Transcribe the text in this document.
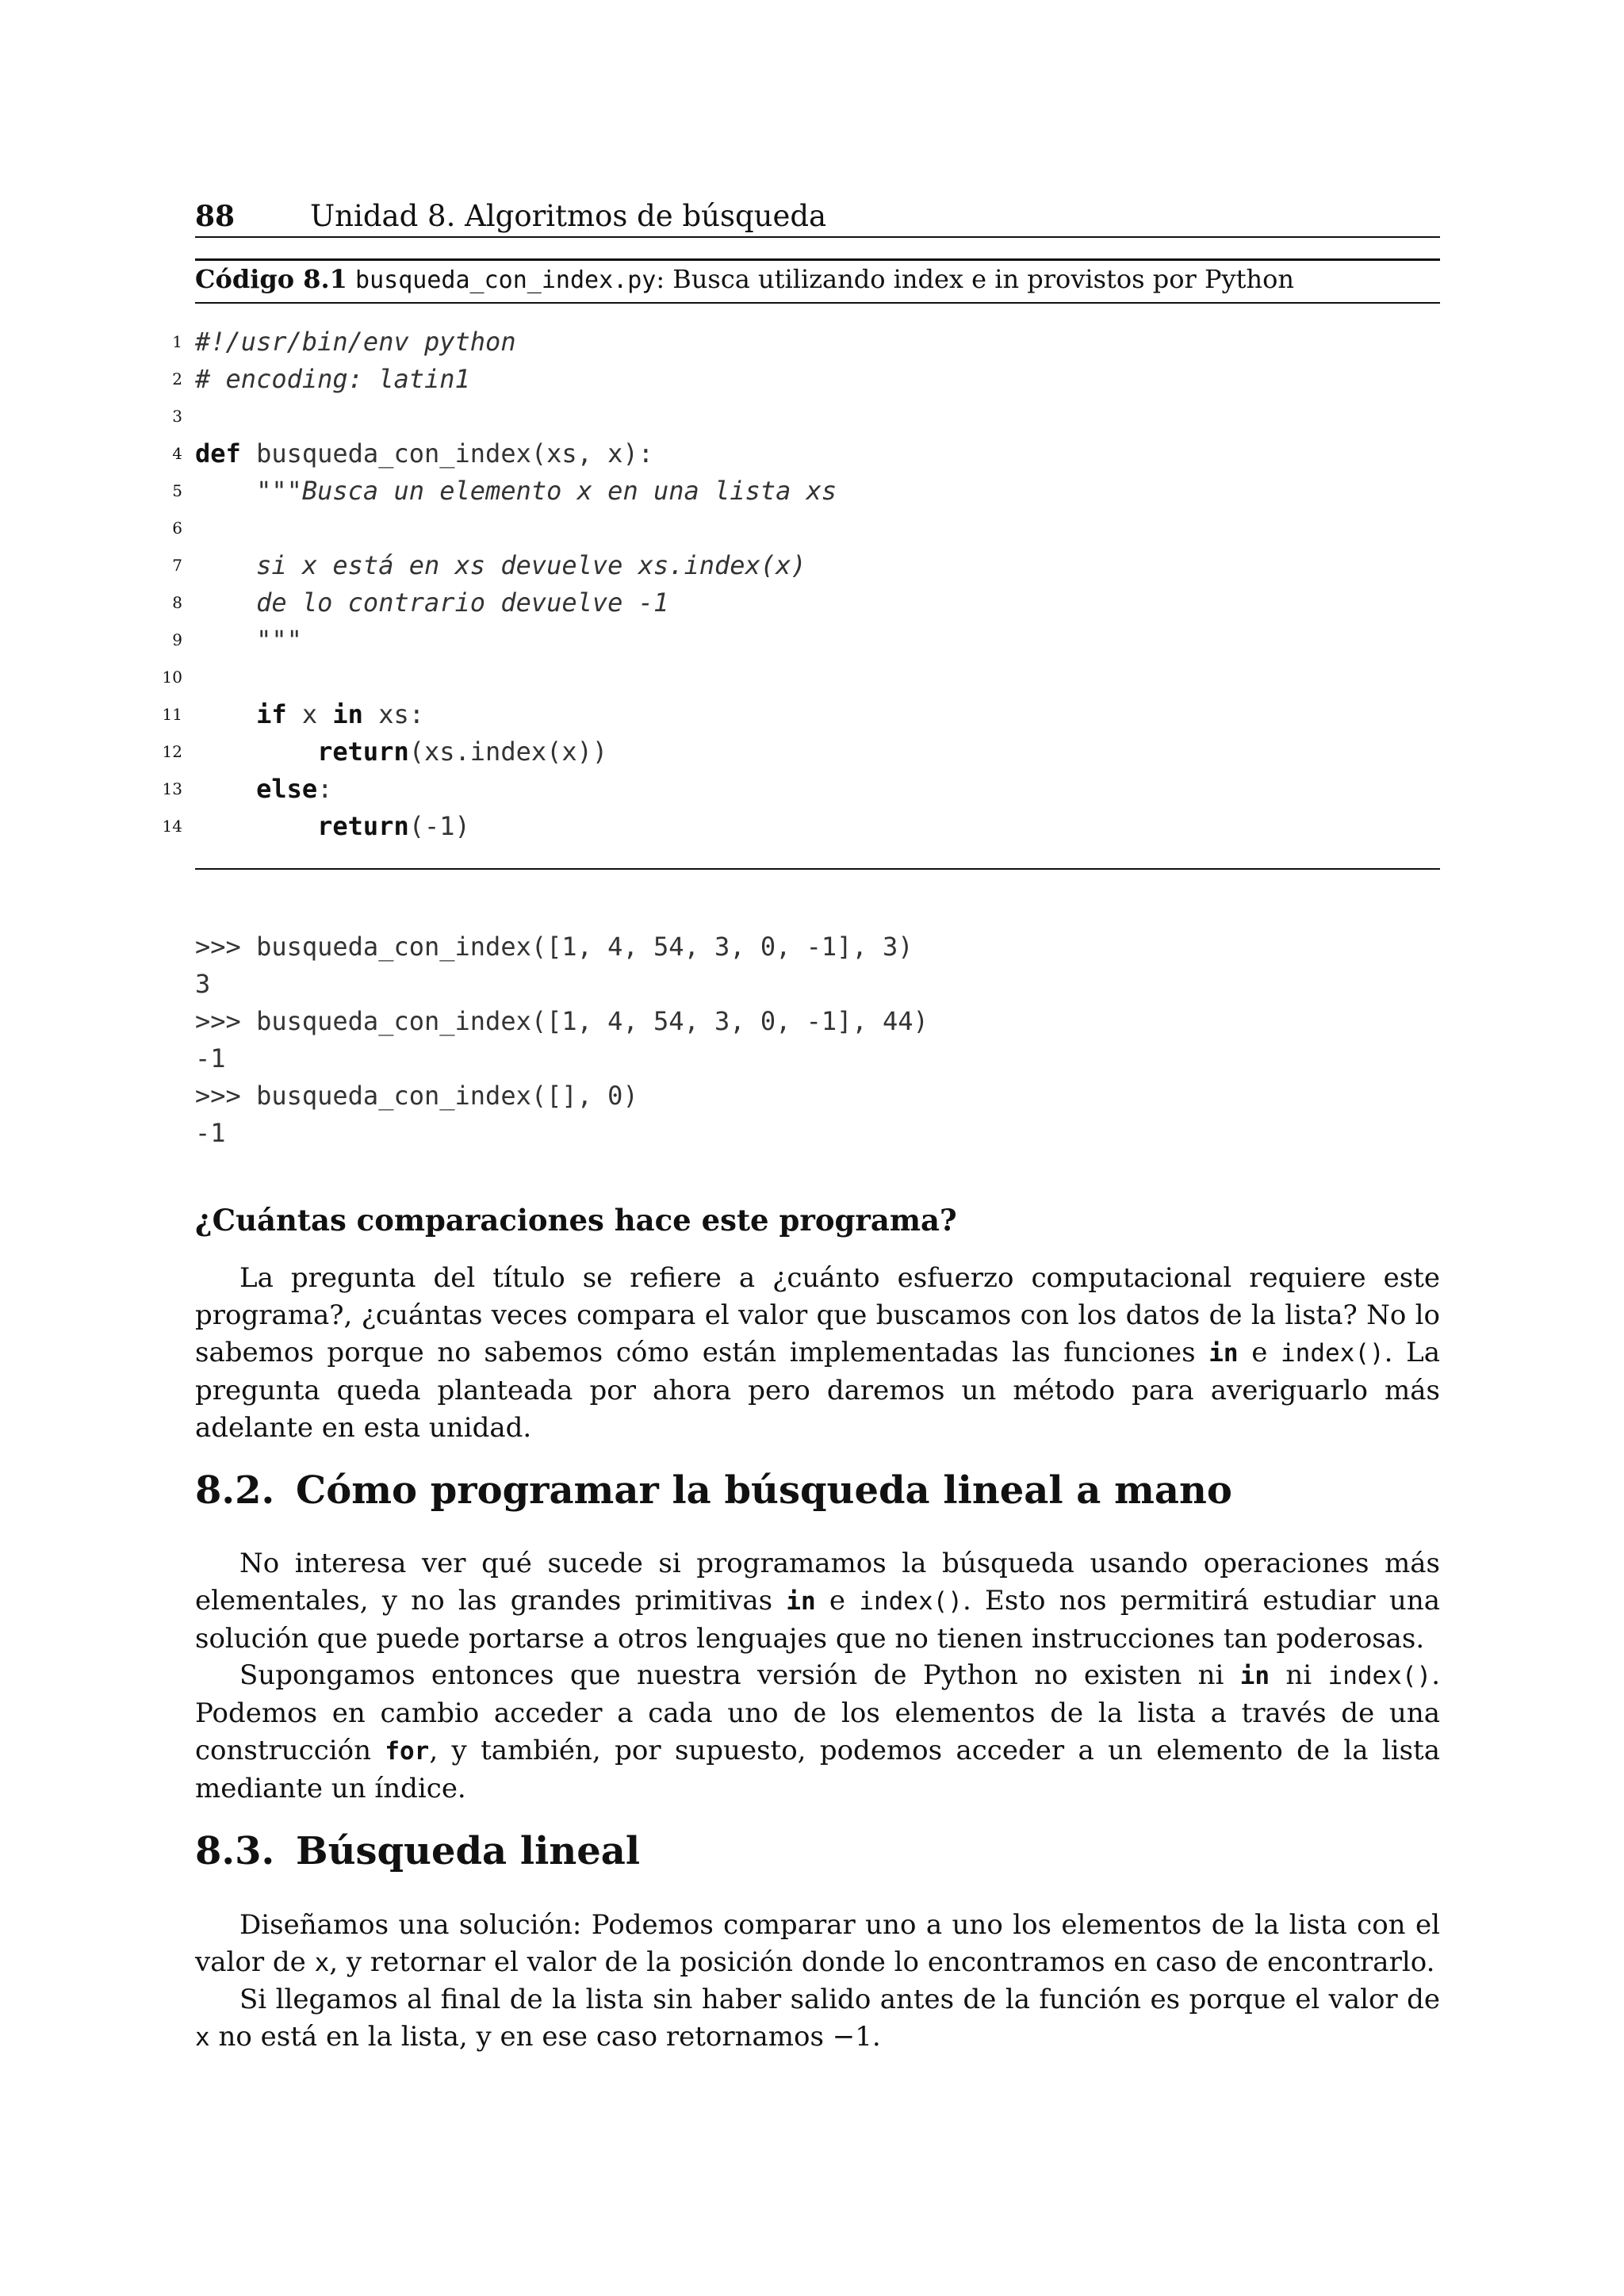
88	Unidad 8. Algoritmos de búsqueda
Código 8.1 busqueda_con_index.py: Busca utilizando index e in provistos por Python
1 #!/usr/bin/env python
2 # encoding: latin1
3
4 def busqueda_con_index(xs, x):
5	"""Busca un elemento x en una lista xs
6
7	si x está en xs devuelve xs.index(x)
8	de lo contrario devuelve -1
9	"""
10
11	if x in xs:
12	return(xs.index(x))
13	else:
14	return(-1)
>>> busqueda_con_index([1, 4, 54, 3, 0, -1], 3)
3
>>> busqueda_con_index([1, 4, 54, 3, 0, -1], 44)
-1
>>> busqueda_con_index([], 0)
-1
¿Cuántas comparaciones hace este programa?

La pregunta del título se refiere a ¿cuánto esfuerzo computacional requiere este programa?, ¿cuántas veces compara el valor que buscamos con los datos de la lista? No lo sabemos porque no sabemos cómo están implementadas las funciones in e index(). La pregunta queda planteada por ahora pero daremos un método para averiguarlo más adelante en esta unidad.

8.2. Cómo programar la búsqueda lineal a mano

No interesa ver qué sucede si programamos la búsqueda usando operaciones más elementales, y no las grandes primitivas in e index(). Esto nos permitirá estudiar una solución que puede portarse a otros lenguajes que no tienen instrucciones tan poderosas.

Supongamos entonces que nuestra versión de Python no existen ni in ni index(). Podemos en cambio acceder a cada uno de los elementos de la lista a través de una construcción for, y también, por supuesto, podemos acceder a un elemento de la lista mediante un índice.

8.3. Búsqueda lineal

Diseñamos una solución: Podemos comparar uno a uno los elementos de la lista con el valor de x, y retornar el valor de la posición donde lo encontramos en caso de encontrarlo.

Si llegamos al final de la lista sin haber salido antes de la función es porque el valor de x no está en la lista, y en ese caso retornamos −1.
